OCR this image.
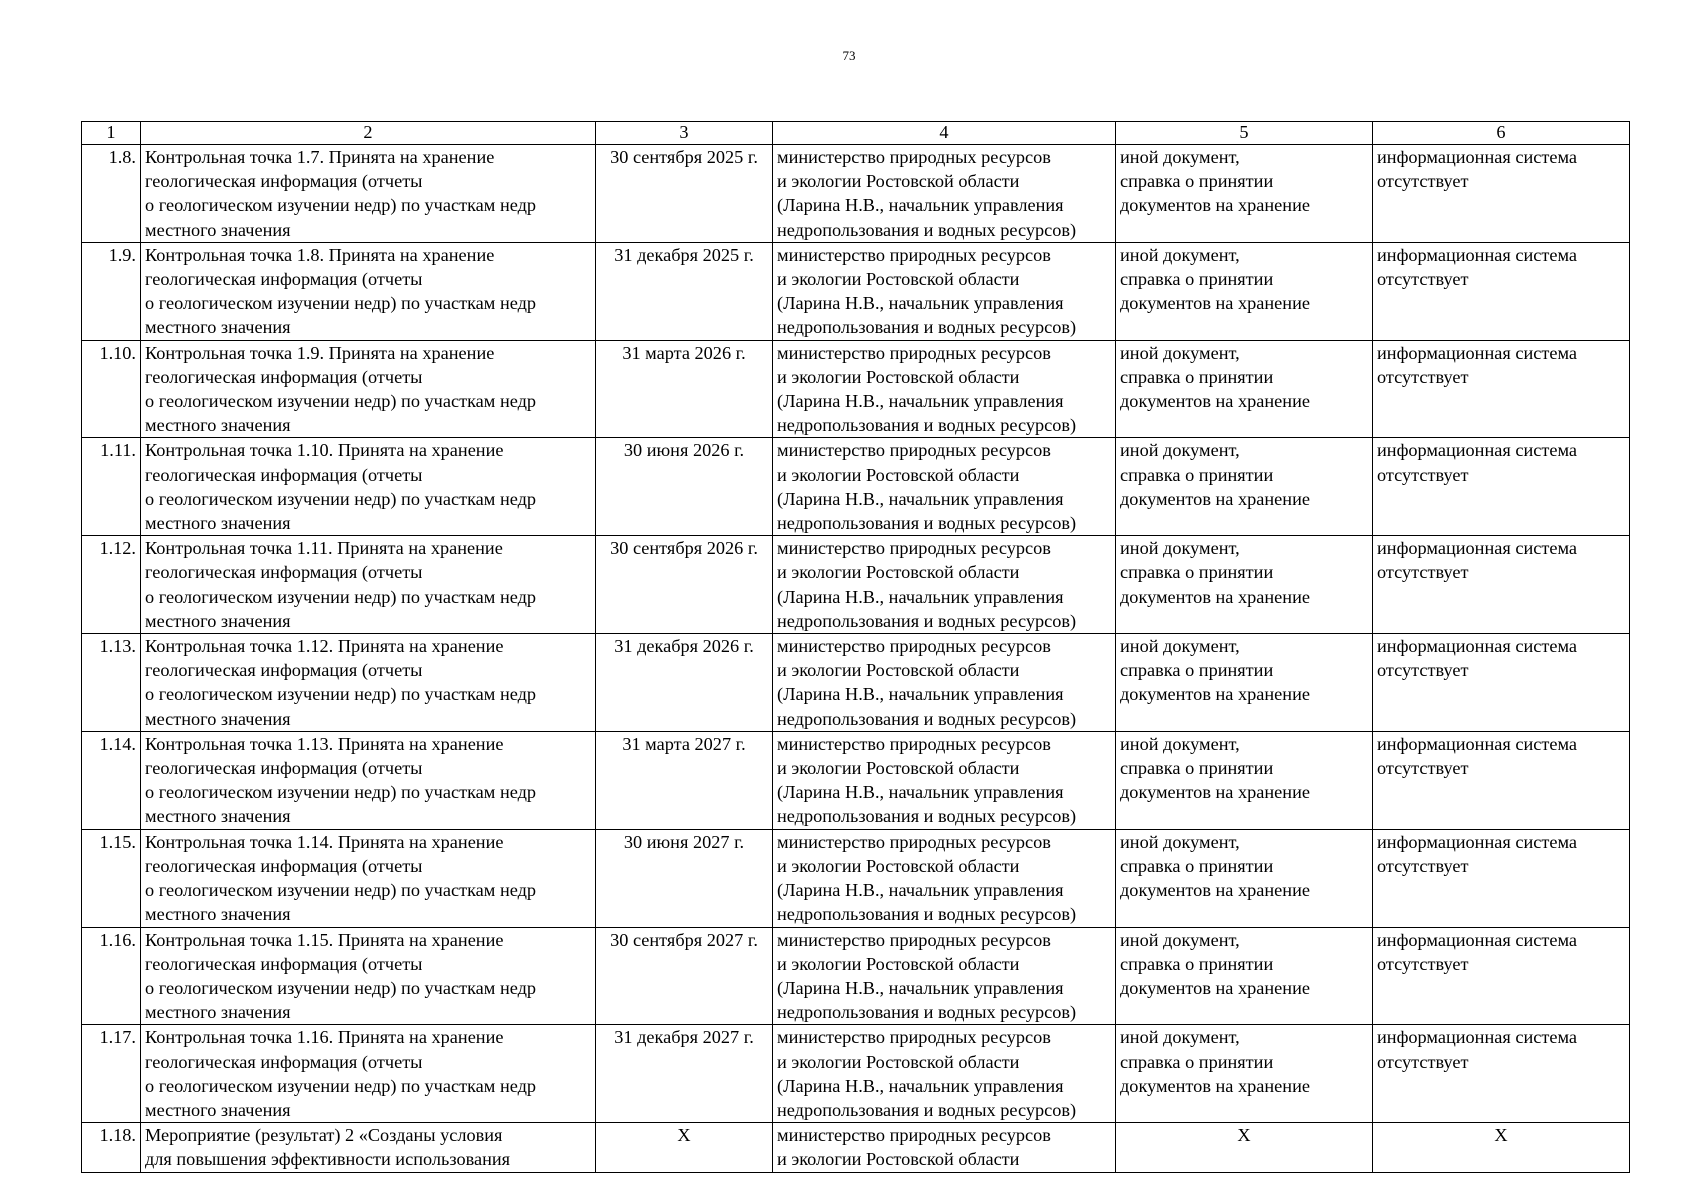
73
1	2	3	4	5	6
1.8.	Контрольная точка 1.7. Принята на хранение
геологическая информация (отчеты
о геологическом изучении недр) по участкам недр
местного значения	30 сентября 2025 г.	министерство природных ресурсов
и экологии Ростовской области
(Ларина Н.В., начальник управления
недропользования и водных ресурсов)	иной документ,
справка о принятии
документов на хранение	информационная система
отсутствует

1.9.	Контрольная точка 1.8. Принята на хранение
геологическая информация (отчеты
о геологическом изучении недр) по участкам недр
местного значения	31 декабря 2025 г.	министерство природных ресурсов
и экологии Ростовской области
(Ларина Н.В., начальник управления
недропользования и водных ресурсов)	иной документ,
справка о принятии
документов на хранение	информационная система
отсутствует

1.10.	Контрольная точка 1.9. Принята на хранение
геологическая информация (отчеты
о геологическом изучении недр) по участкам недр
местного значения	31 марта 2026 г.	министерство природных ресурсов
и экологии Ростовской области
(Ларина Н.В., начальник управления
недропользования и водных ресурсов)	иной документ,
справка о принятии
документов на хранение	информационная система
отсутствует

1.11.	Контрольная точка 1.10. Принята на хранение
геологическая информация (отчеты
о геологическом изучении недр) по участкам недр
местного значения	30 июня 2026 г.	министерство природных ресурсов
и экологии Ростовской области
(Ларина Н.В., начальник управления
недропользования и водных ресурсов)	иной документ,
справка о принятии
документов на хранение	информационная система
отсутствует

1.12.	Контрольная точка 1.11. Принята на хранение
геологическая информация (отчеты
о геологическом изучении недр) по участкам недр
местного значения	30 сентября 2026 г.	министерство природных ресурсов
и экологии Ростовской области
(Ларина Н.В., начальник управления
недропользования и водных ресурсов)	иной документ,
справка о принятии
документов на хранение	информационная система
отсутствует

1.13.	Контрольная точка 1.12. Принята на хранение
геологическая информация (отчеты
о геологическом изучении недр) по участкам недр
местного значения	31 декабря 2026 г.	министерство природных ресурсов
и экологии Ростовской области
(Ларина Н.В., начальник управления
недропользования и водных ресурсов)	иной документ,
справка о принятии
документов на хранение	информационная система
отсутствует

1.14.	Контрольная точка 1.13. Принята на хранение
геологическая информация (отчеты
о геологическом изучении недр) по участкам недр
местного значения	31 марта 2027 г.	министерство природных ресурсов
и экологии Ростовской области
(Ларина Н.В., начальник управления
недропользования и водных ресурсов)	иной документ,
справка о принятии
документов на хранение	информационная система
отсутствует

1.15.	Контрольная точка 1.14. Принята на хранение
геологическая информация (отчеты
о геологическом изучении недр) по участкам недр
местного значения	30 июня 2027 г.	министерство природных ресурсов
и экологии Ростовской области
(Ларина Н.В., начальник управления
недропользования и водных ресурсов)	иной документ,
справка о принятии
документов на хранение	информационная система
отсутствует

1.16.	Контрольная точка 1.15. Принята на хранение
геологическая информация (отчеты
о геологическом изучении недр) по участкам недр
местного значения	30 сентября 2027 г.	министерство природных ресурсов
и экологии Ростовской области
(Ларина Н.В., начальник управления
недропользования и водных ресурсов)	иной документ,
справка о принятии
документов на хранение	информационная система
отсутствует

1.17.	Контрольная точка 1.16. Принята на хранение
геологическая информация (отчеты
о геологическом изучении недр) по участкам недр
местного значения	31 декабря 2027 г.	министерство природных ресурсов
и экологии Ростовской области
(Ларина Н.В., начальник управления
недропользования и водных ресурсов)	иной документ,
справка о принятии
документов на хранение	информационная система
отсутствует

1.18.	Мероприятие (результат) 2 «Созданы условия
для повышения эффективности использования	X	министерство природных ресурсов
и экологии Ростовской области	X	X
